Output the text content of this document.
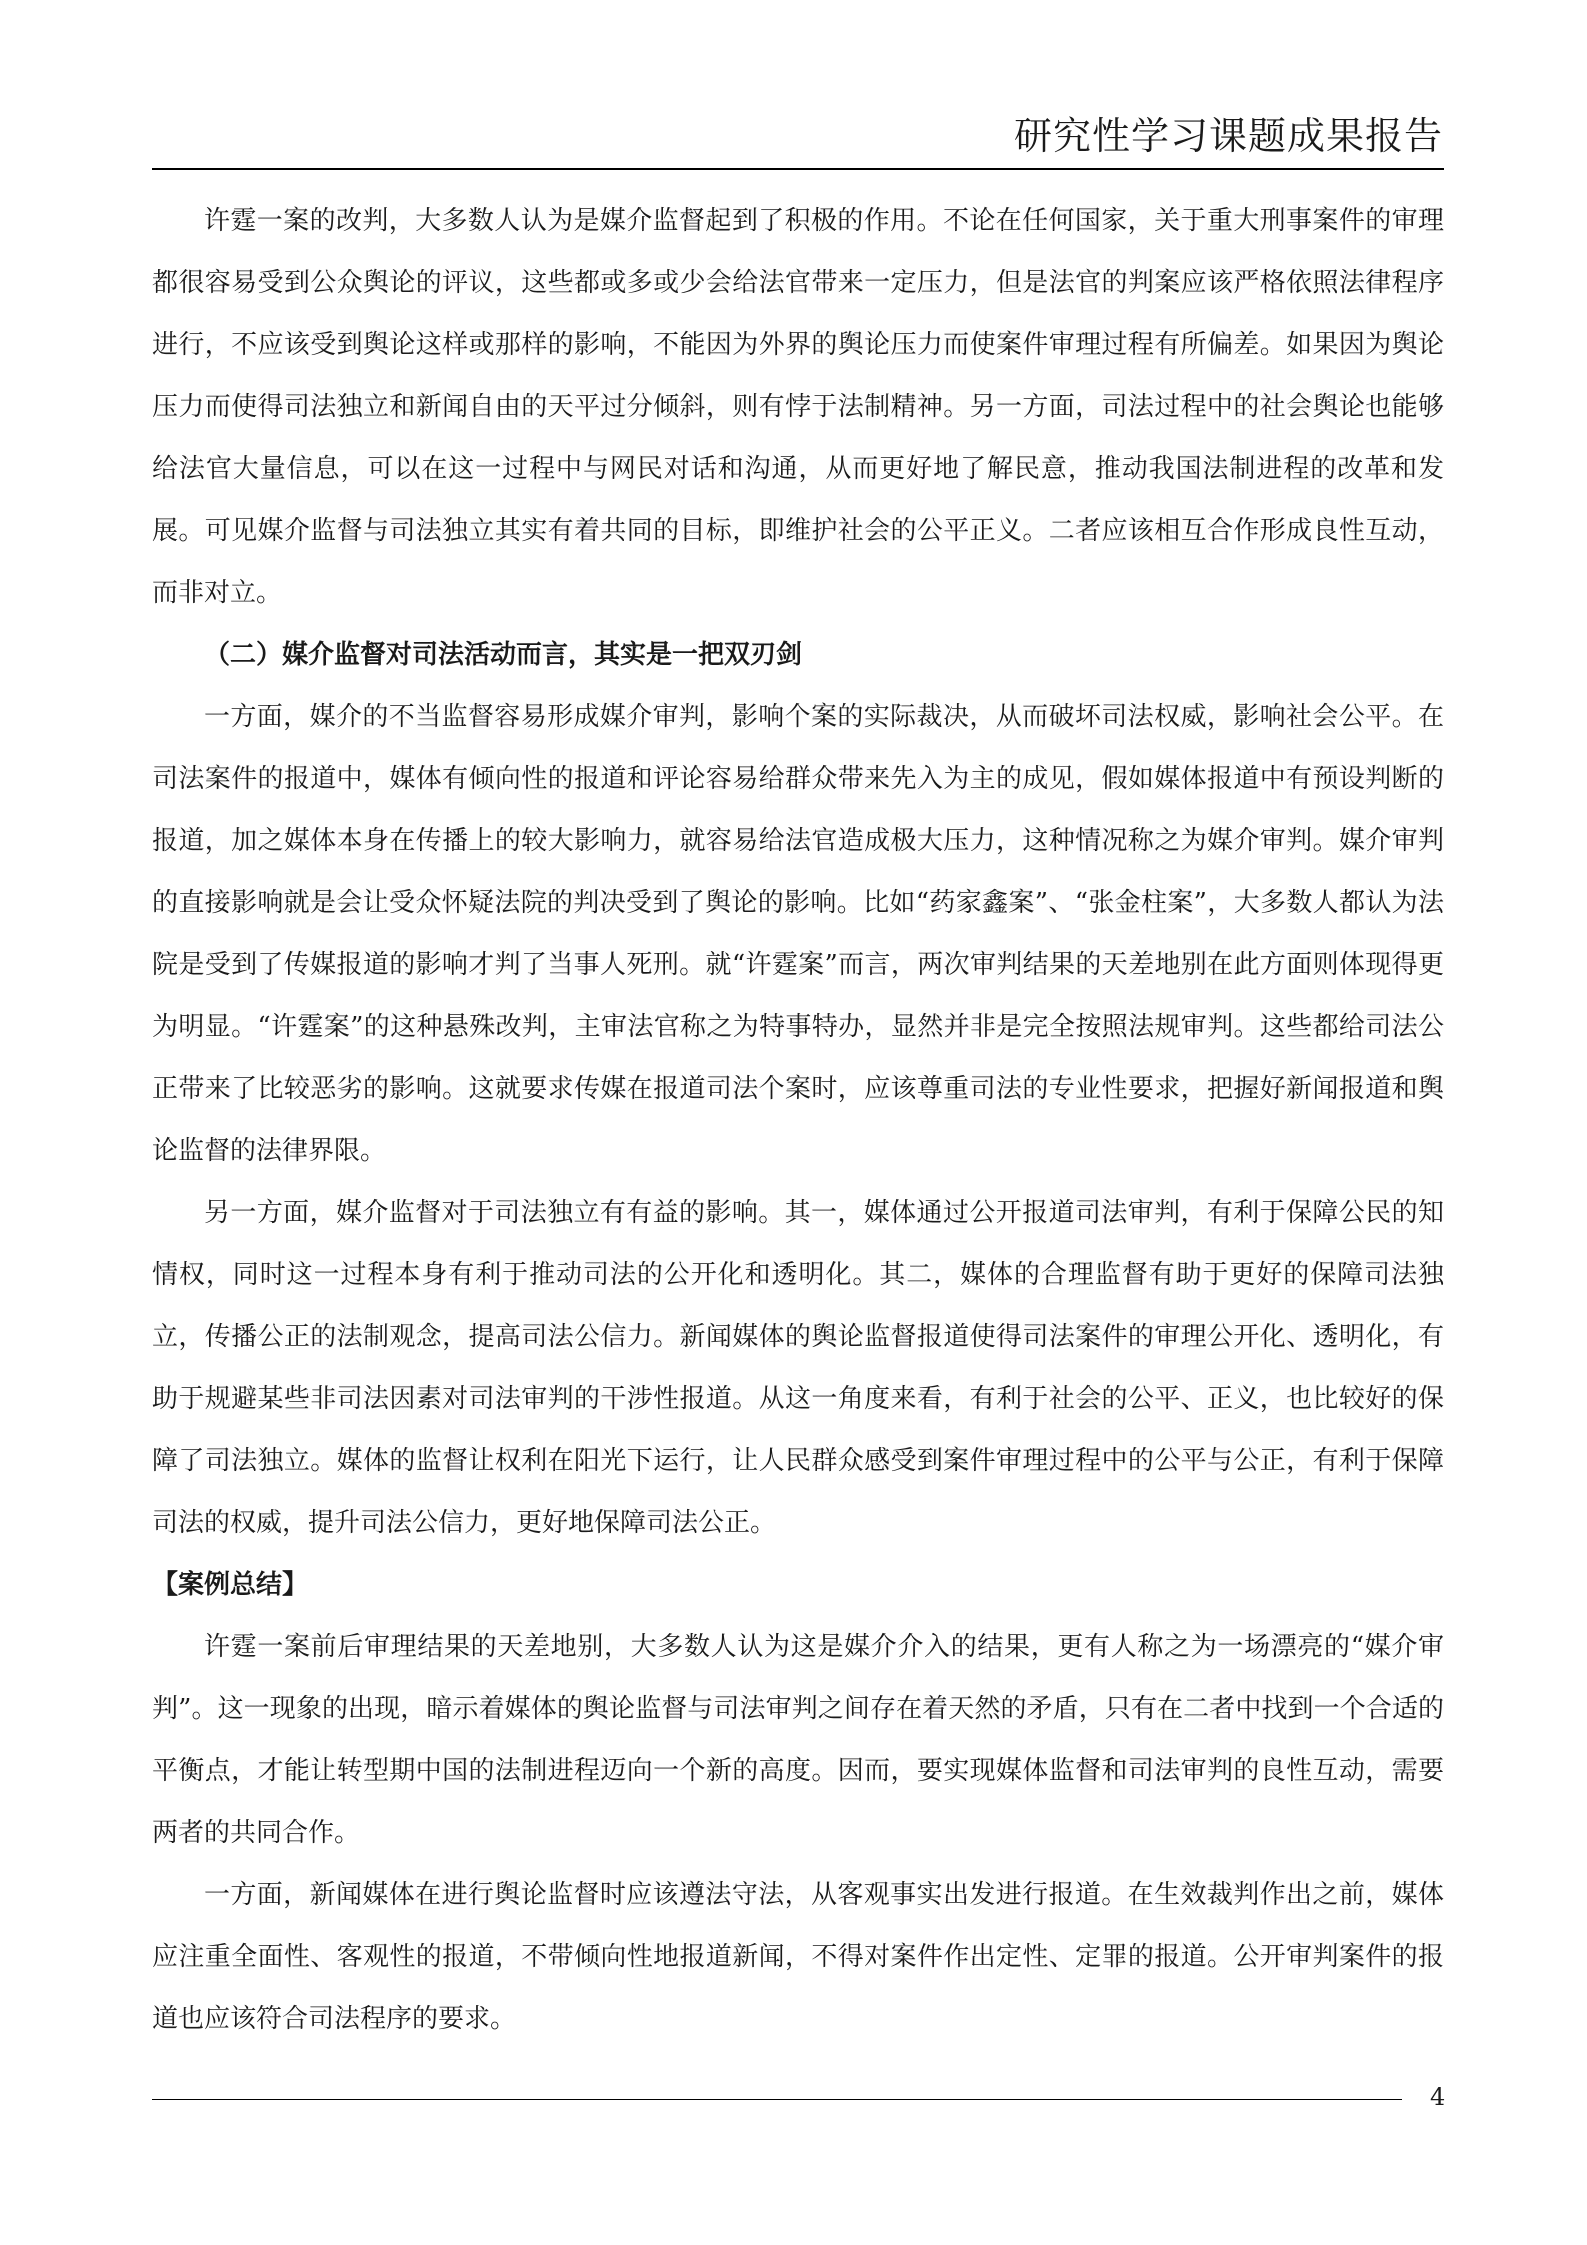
研究性学习课题成果报告

许霆一案的改判，大多数人认为是媒介监督起到了积极的作用。不论在任何国家，关于重大刑事案件的审理都很容易受到公众舆论的评议，这些都或多或少会给法官带来一定压力，但是法官的判案应该严格依照法律程序进行，不应该受到舆论这样或那样的影响，不能因为外界的舆论压力而使案件审理过程有所偏差。如果因为舆论压力而使得司法独立和新闻自由的天平过分倾斜，则有悖于法制精神。另一方面，司法过程中的社会舆论也能够给法官大量信息，可以在这一过程中与网民对话和沟通，从而更好地了解民意，推动我国法制进程的改革和发展。可见媒介监督与司法独立其实有着共同的目标，即维护社会的公平正义。二者应该相互合作形成良性互动，而非对立。

（二）媒介监督对司法活动而言，其实是一把双刃剑

一方面，媒介的不当监督容易形成媒介审判，影响个案的实际裁决，从而破坏司法权威，影响社会公平。在司法案件的报道中，媒体有倾向性的报道和评论容易给群众带来先入为主的成见，假如媒体报道中有预设判断的报道，加之媒体本身在传播上的较大影响力，就容易给法官造成极大压力，这种情况称之为媒介审判。媒介审判的直接影响就是会让受众怀疑法院的判决受到了舆论的影响。比如“药家鑫案”、“张金柱案”，大多数人都认为法院是受到了传媒报道的影响才判了当事人死刑。就“许霆案”而言，两次审判结果的天差地别在此方面则体现得更为明显。“许霆案”的这种悬殊改判，主审法官称之为特事特办，显然并非是完全按照法规审判。这些都给司法公正带来了比较恶劣的影响。这就要求传媒在报道司法个案时，应该尊重司法的专业性要求，把握好新闻报道和舆论监督的法律界限。

另一方面，媒介监督对于司法独立有有益的影响。其一，媒体通过公开报道司法审判，有利于保障公民的知情权，同时这一过程本身有利于推动司法的公开化和透明化。其二，媒体的合理监督有助于更好的保障司法独立，传播公正的法制观念，提高司法公信力。新闻媒体的舆论监督报道使得司法案件的审理公开化、透明化，有助于规避某些非司法因素对司法审判的干涉性报道。从这一角度来看，有利于社会的公平、正义，也比较好的保障了司法独立。媒体的监督让权利在阳光下运行，让人民群众感受到案件审理过程中的公平与公正，有利于保障司法的权威，提升司法公信力，更好地保障司法公正。

【案例总结】

许霆一案前后审理结果的天差地别，大多数人认为这是媒介介入的结果，更有人称之为一场漂亮的“媒介审判”。这一现象的出现，暗示着媒体的舆论监督与司法审判之间存在着天然的矛盾，只有在二者中找到一个合适的平衡点，才能让转型期中国的法制进程迈向一个新的高度。因而，要实现媒体监督和司法审判的良性互动，需要两者的共同合作。

一方面，新闻媒体在进行舆论监督时应该遵法守法，从客观事实出发进行报道。在生效裁判作出之前，媒体应注重全面性、客观性的报道，不带倾向性地报道新闻，不得对案件作出定性、定罪的报道。公开审判案件的报道也应该符合司法程序的要求。

4
